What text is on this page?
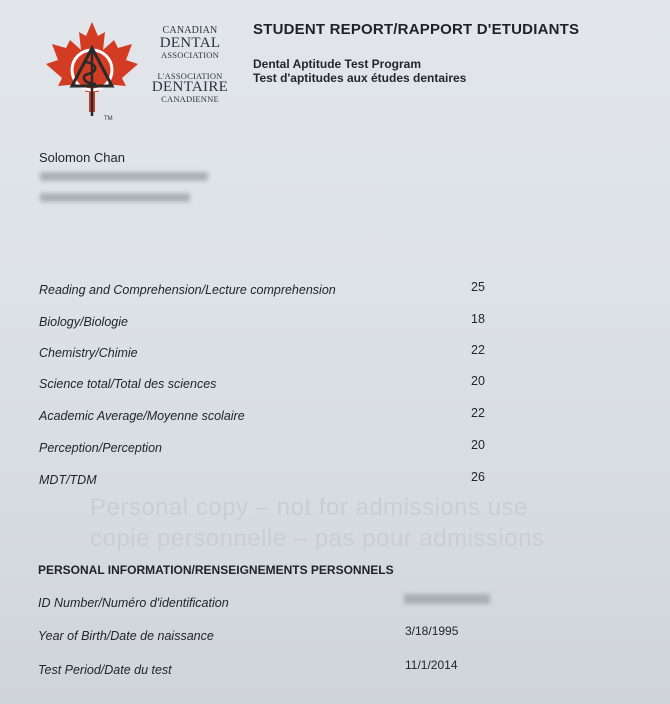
TM
CANADIAN
DENTAL
ASSOCIATION
L'ASSOCIATION
DENTAIRE
CANADIENNE
STUDENT REPORT/RAPPORT D'ETUDIANTS
Dental Aptitude Test Program
Test d'aptitudes aux études dentaires
Solomon Chan
Reading and Comprehension/Lecture comprehension	25
Biology/Biologie	18
Chemistry/Chimie	22
Science total/Total des sciences	20
Academic Average/Moyenne scolaire	22
Perception/Perception	20
MDT/TDM	26
Personal copy – not for admissions use
copie personnelle – pas pour admissions
PERSONAL INFORMATION/RENSEIGNEMENTS PERSONNELS
ID Number/Numéro d'identification
Year of Birth/Date de naissance	3/18/1995
Test Period/Date du test	11/1/2014
